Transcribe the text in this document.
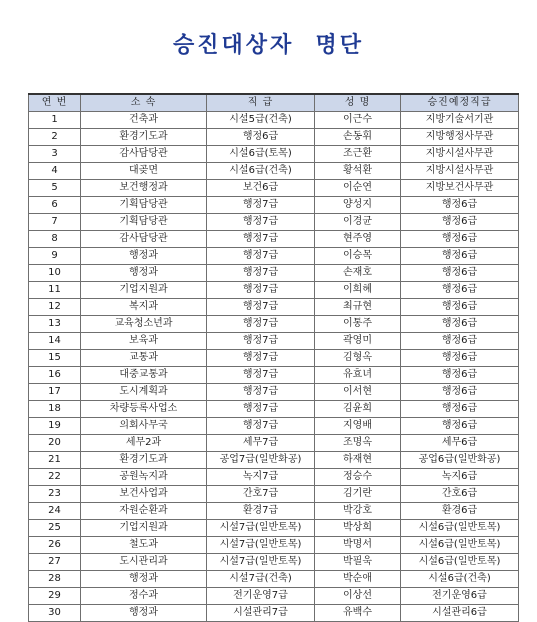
승진대상자  명단
연 번	소 속	직 급	성 명	승진예정직급
1	건축과	시설5급(건축)	이근수	지방기술서기관
2	환경기도과	행정6급	손동휘	지방행정사무관
3	감사담당관	시설6급(토목)	조근환	지방시설사무관
4	대곶면	시설6급(건축)	황석환	지방시설사무관
5	보건행정과	보건6급	이순연	지방보건사무관
6	기획담당관	행정7급	양성지	행정6급
7	기획담당관	행정7급	이경균	행정6급
8	감사담당관	행정7급	현주영	행정6급
9	행정과	행정7급	이승목	행정6급
10	행정과	행정7급	손재호	행정6급
11	기업지원과	행정7급	이희혜	행정6급
12	복지과	행정7급	최규현	행정6급
13	교육청소년과	행정7급	이통주	행정6급
14	보육과	행정7급	곽영미	행정6급
15	교통과	행정7급	김형옥	행정6급
16	대중교통과	행정7급	유효녀	행정6급
17	도시계획과	행정7급	이서현	행정6급
18	차량등록사업소	행정7급	김윤희	행정6급
19	의회사무국	행정7급	지영배	행정6급
20	세무2과	세무7급	조명옥	세무6급
21	환경기도과	공업7급(일반화공)	하재현	공업6급(일반화공)
22	공원녹지과	녹지7급	정승수	녹지6급
23	보건사업과	간호7급	김기란	간호6급
24	자원순환과	환경7급	박강호	환경6급
25	기업지원과	시설7급(일반토목)	박상희	시설6급(일반토목)
26	철도과	시설7급(일반토목)	박명서	시설6급(일반토목)
27	도시관리과	시설7급(일반토목)	박필욱	시설6급(일반토목)
28	행정과	시설7급(건축)	박순애	시설6급(건축)
29	정수과	전기운영7급	이상선	전기운영6급
30	행정과	시설관리7급	유백수	시설관리6급
